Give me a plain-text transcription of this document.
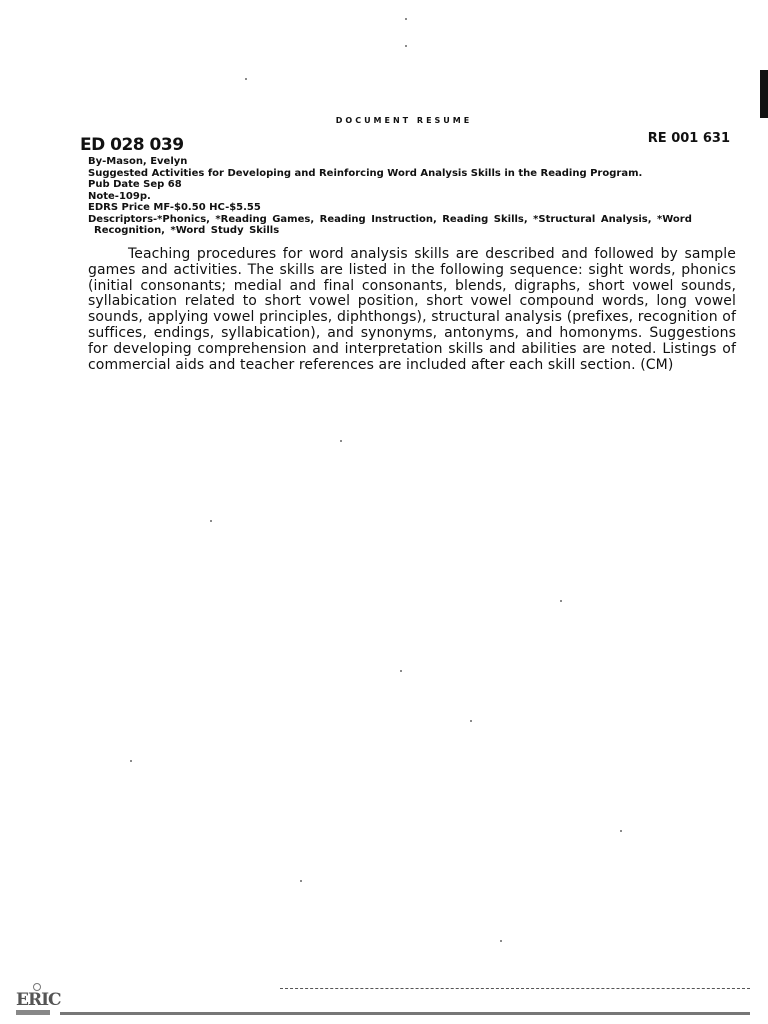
DOCUMENT RESUME
ED 028 039	RE 001 631
By-Mason, Evelyn
Suggested Activities for Developing and Reinforcing Word Analysis Skills in the Reading Program.
Pub Date Sep 68
Note-109p.
EDRS Price MF-$0.50 HC-$5.55
Descriptors-*Phonics, *Reading Games, Reading Instruction, Reading Skills, *Structural Analysis, *Word
Recognition, *Word Study Skills
Teaching procedures for word analysis skills are described and followed by sample games and activities. The skills are listed in the following sequence: sight words, phonics (initial consonants; medial and final consonants, blends, digraphs, short vowel sounds, syllabication related to short vowel position, short vowel compound words, long vowel sounds, applying vowel principles, diphthongs), structural analysis (prefixes, recognition of suffices, endings, syllabication), and synonyms, antonyms, and homonyms. Suggestions for developing comprehension and interpretation skills and abilities are noted. Listings of commercial aids and teacher references are included after each skill section. (CM)
ERIC
